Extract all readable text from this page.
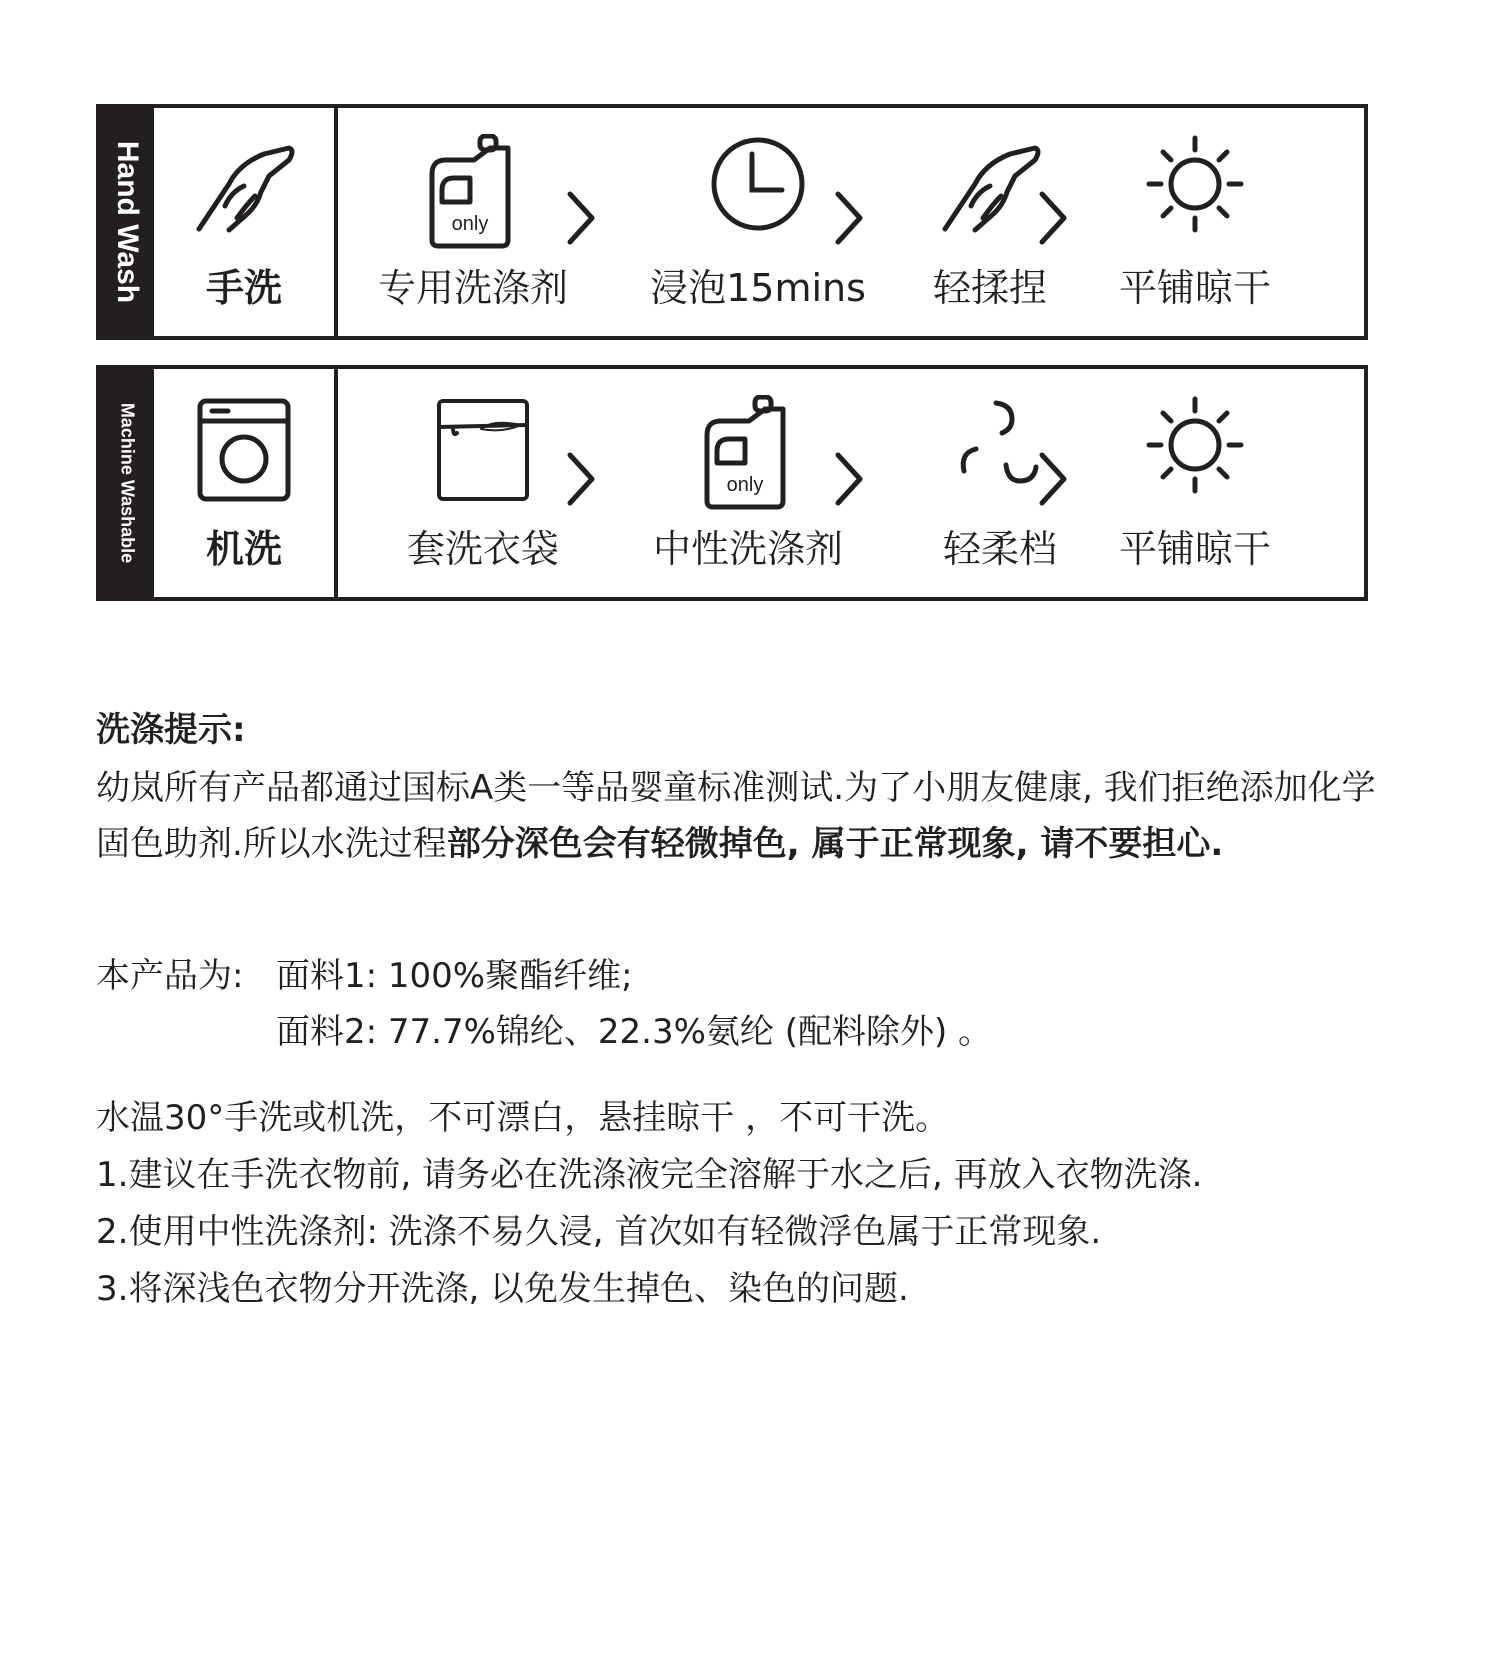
Hand Wash	手洗
only
专用洗涤剂	浸泡15mins	轻揉捏	平铺晾干
Machine Washable	机洗	套洗衣袋
only
中性洗涤剂	轻柔档	平铺晾干
洗涤提示:
幼岚所有产品都通过国标A类一等品婴童标准测试.为了小朋友健康, 我们拒绝添加化学固色助剂.所以水洗过程部分深色会有轻微掉色, 属于正常现象, 请不要担心.
本产品为: 面料1: 100%聚酯纤维;
面料2: 77.7%锦纶、22.3%氨纶 (配料除外) 。
水温30°手洗或机洗，不可漂白，悬挂晾干 ，不可干洗。
1.建议在手洗衣物前, 请务必在洗涤液完全溶解于水之后, 再放入衣物洗涤.
2.使用中性洗涤剂: 洗涤不易久浸, 首次如有轻微浮色属于正常现象.
3.将深浅色衣物分开洗涤, 以免发生掉色、染色的问题.
